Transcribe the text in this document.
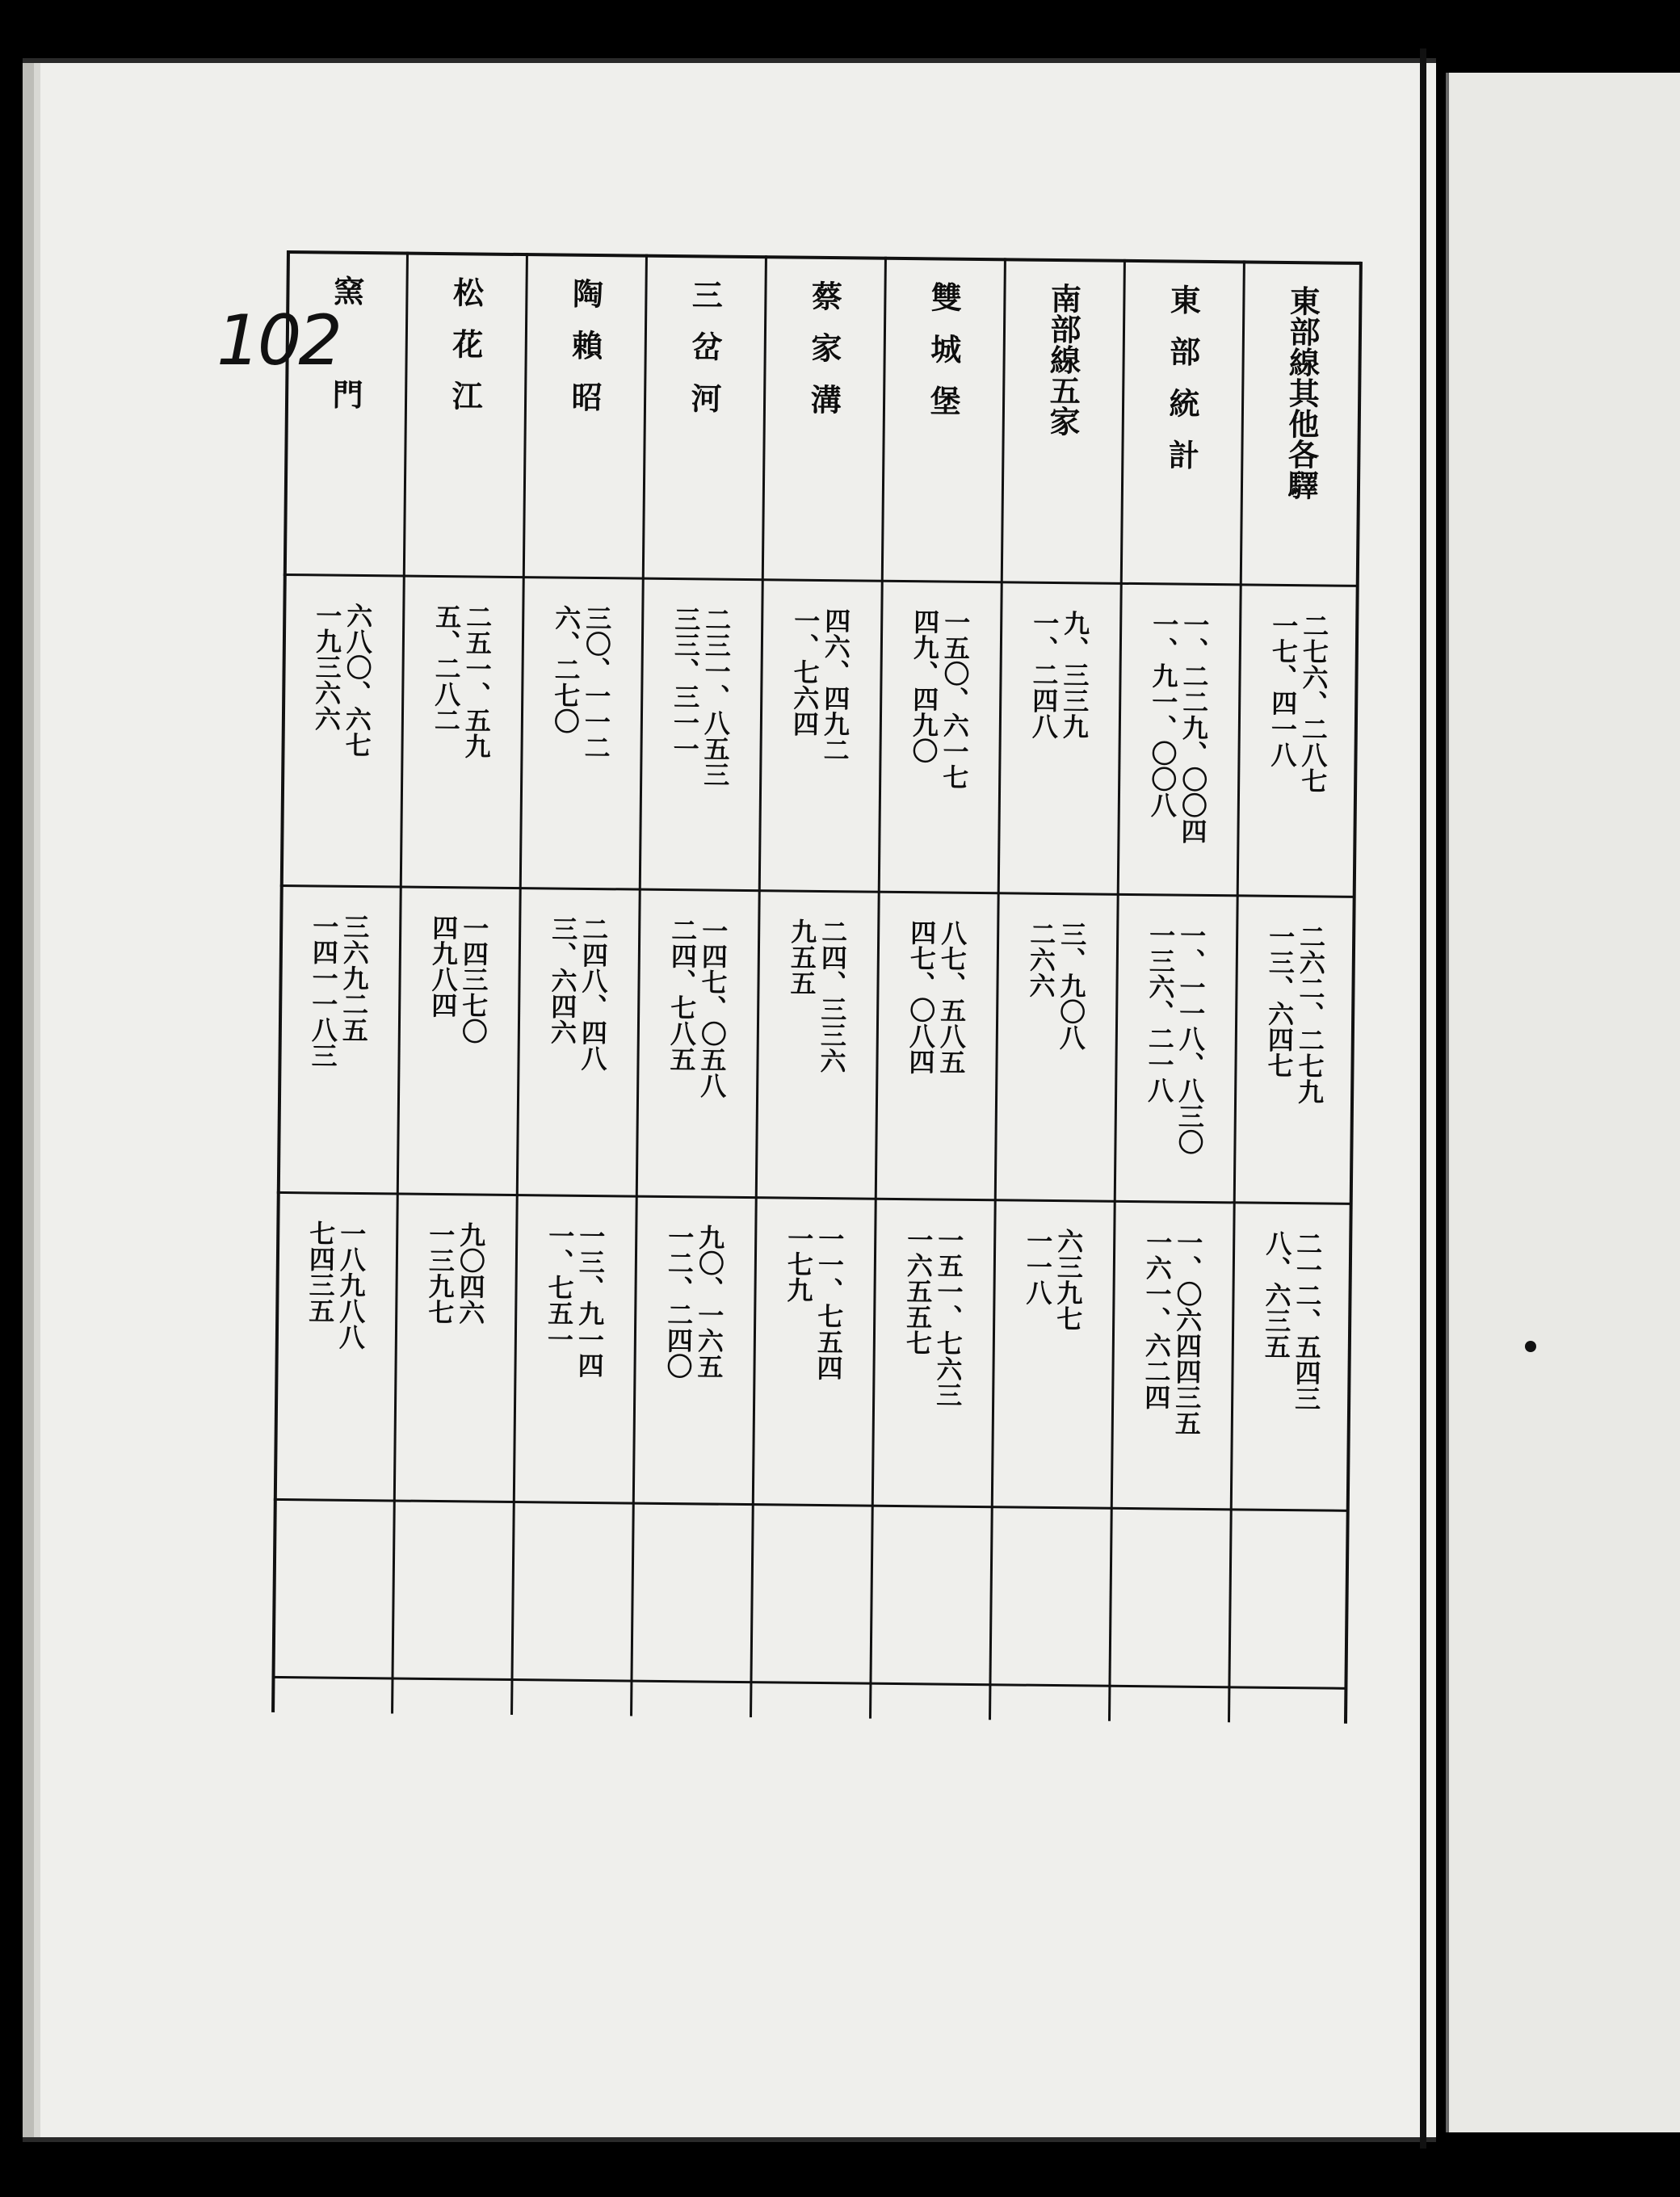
102	東部線其他各驛
二七六、二八七
一七、四一八
二六二、二七九
一三、六四七
二一二、五四三
八、六三五
東部統計
一、二二九、〇〇四
一、九一、〇〇八
一、一一八、八三〇
一三六、二一八
一、〇六四四三五
一六一、六二四
南部線五家
九、三三九
一、二四八
三、九〇八
二六六
六三九七
一一八
雙城堡
一五〇、六一七
四九、四九〇
八七、五八五
四七、〇八四
一五一、七六三
一六五五七
蔡家溝
四六、四九二
一、七六四
二四、三三六
九五五
一一、七五四
一七九
三岔河
二三一、八五三
三三、三一一
一四七、〇五八
二四、七八五
九〇、一六五
一二、二四〇
陶賴昭
三〇、一一二
六、二七〇
二四八、四八
三、六四六
一三、九一四
一、七五一
松花江
二五一、五九
五、二八二
一四三七〇
四九八四
九〇四六
一三九七
窯門
六八〇、六七
一九三六六
三六九二五
一四一一八三
一八九八八
七四三五
